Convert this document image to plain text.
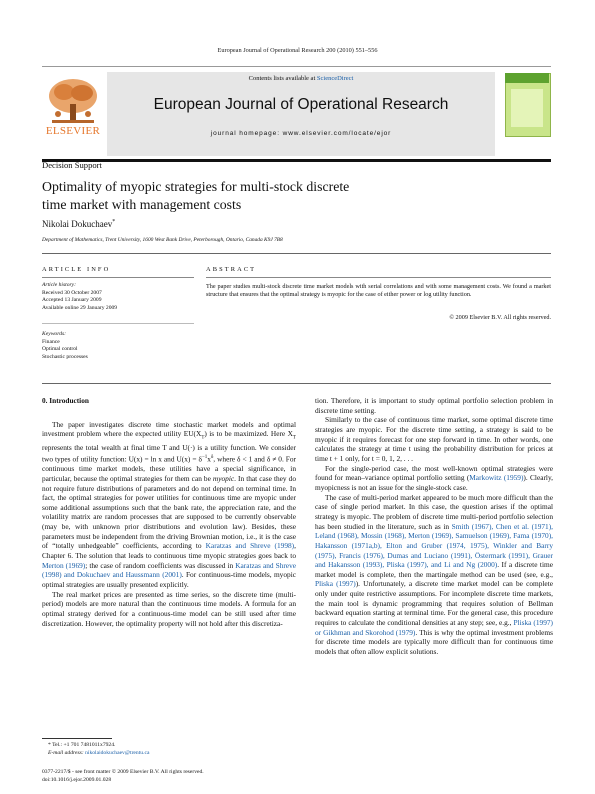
European Journal of Operational Research 200 (2010) 551–556
ELSEVIER
Contents lists available at ScienceDirect
European Journal of Operational Research
journal homepage: www.elsevier.com/locate/ejor
Decision Support
Optimality of myopic strategies for multi-stock discrete
time market with management costs
Nikolai Dokuchaev*
Department of Mathematics, Trent University, 1600 West Bank Drive, Peterborough, Ontario, Canada K9J 7B8
ARTICLE INFO	ABSTRACT
Article history:
Received 30 October 2007
Accepted 13 January 2009
Available online 29 January 2009
Keywords:
Finance
Optimal control
Stochastic processes
The paper studies multi-stock discrete time market models with serial correlations and with some management costs. We found a market structure that ensures that the optimal strategy is myopic for the case of either power or log utility function.
© 2009 Elsevier B.V. All rights reserved.
0. Introduction

The paper investigates discrete time stochastic market models and optimal investment problem where the expected utility $EU(X_T)$ is to be maximized. Here $X_T$ represents the total wealth at final time T and U(·) is a utility function. We consider two types of utility function: U(x) = ln x and $U(x) = \delta^{-1}x^\delta$, where δ < 1 and δ ≠ 0. For continuous time market models, these utilities have a special significance, in particular, because the optimal strategies for them can be myopic. In that case they do not require future distributions of parameters and do not depend on terminal time. In fact, the optimal strategies for power utilities for continuous time are myopic under some additional assumptions such that the bank rate, the appreciation rate, and the volatility matrix are random processes that are supposed to be currently observable (may be, with unknown prior distributions and evolution law). Besides, these parameters must be independent from the driving Brownian motion, i.e., it is the case of “totally unhedgeable” coefficients, according to Karatzas and Shreve (1998), Chapter 6. The solution that leads to continuous time myopic strategies goes back to Merton (1969); the case of random coefficients was discussed in Karatzas and Shreve (1998) and Dokuchaev and Haussmann (2001). For continuous-time models, myopic optimal strategies are usually presented explicitly.

The real market prices are presented as time series, so the discrete time (multi-period) models are more natural than the continuous time models. A formula for an optimal strategy derived for a continuous-time model can be still used after time discretization. However, the optimality property will not hold after this discretiza-

tion. Therefore, it is important to study optimal portfolio selection problem in discrete time setting.

Similarly to the case of continuous time market, some optimal discrete time strategies are myopic. For the discrete time setting, a strategy is said to be myopic if it requires forecast for one step forward in time. In other words, one calculates the strategy at time t using the probability distribution for prices at time t + 1 only, for t = 0, 1, 2, . . .

For the single-period case, the most well-known optimal strategies were found for mean–variance optimal portfolio setting (Markowitz (1959)). Clearly, myopicness is not an issue for the single-stock case.

The case of multi-period market appeared to be much more difficult than the case of single period market. In this case, the question arises if the optimal strategy is myopic. The problem of discrete time multi-period portfolio selection has been studied in the literature, such as in Smith (1967), Chen et al. (1971), Leland (1968), Mossin (1968), Merton (1969), Samuelson (1969), Fama (1970), Hakansson (1971a,b), Elton and Gruber (1974, 1975), Winkler and Barry (1975), Francis (1976), Dumas and Luciano (1991), Östermark (1991), Grauer and Hakansson (1993), Pliska (1997), and Li and Ng (2000). If a discrete time market model is complete, then the martingale method can be used (see, e.g., Pliska (1997)). Unfortunately, a discrete time market model can be complete only under quite restrictive assumptions. For incomplete discrete time markets, the main tool is dynamic programming that requires solution of Bellman backward equation starting at terminal time. For the general case, this procedure requires to calculate the conditional densities at any step; see, e.g., Pliska (1997) or Gikhman and Skorohod (1979). This is why the optimal investment problems for discrete time models are typically more difficult than for continuous time models that often allow explicit solutions.

* Tel.: +1 701 7481011x7924.
E-mail address: nikolaidokuchaev@trentu.ca
0377-2217/$ - see front matter © 2009 Elsevier B.V. All rights reserved.
doi:10.1016/j.ejor.2009.01.028
